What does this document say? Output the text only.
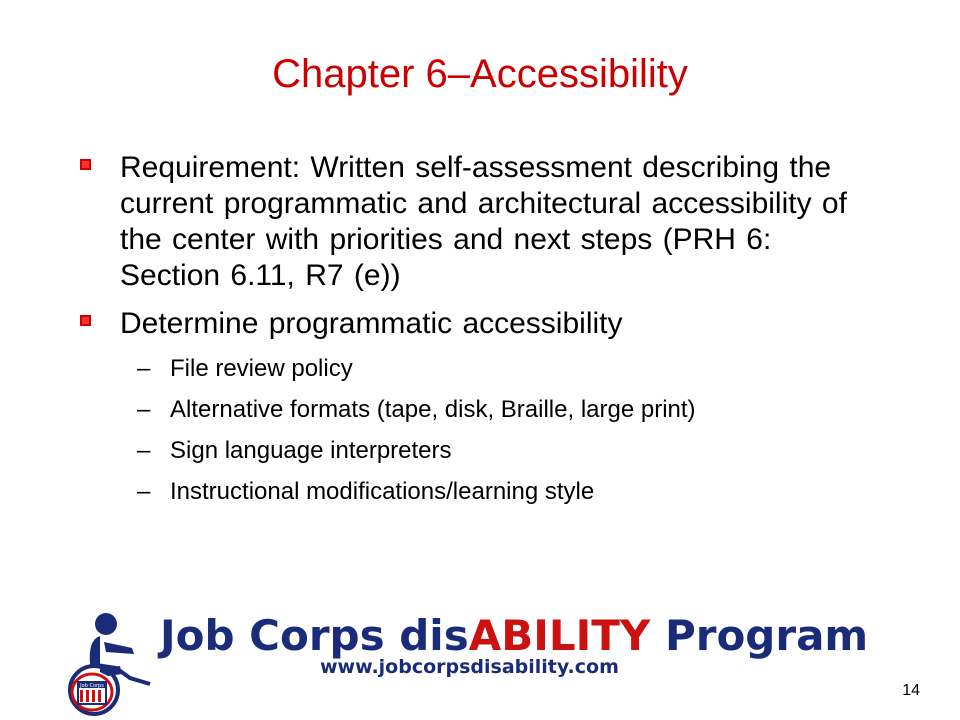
Chapter 6–Accessibility
Requirement: Written self-assessment describing the current programmatic and architectural accessibility of the center with priorities and next steps (PRH 6: Section 6.11, R7 (e))
Determine programmatic accessibility
– File review policy
– Alternative formats (tape, disk, Braille, large print)
– Sign language interpreters
– Instructional modifications/learning style
Job Corps
Job Corps disABILITY Program
www.jobcorpsdisability.com
14
